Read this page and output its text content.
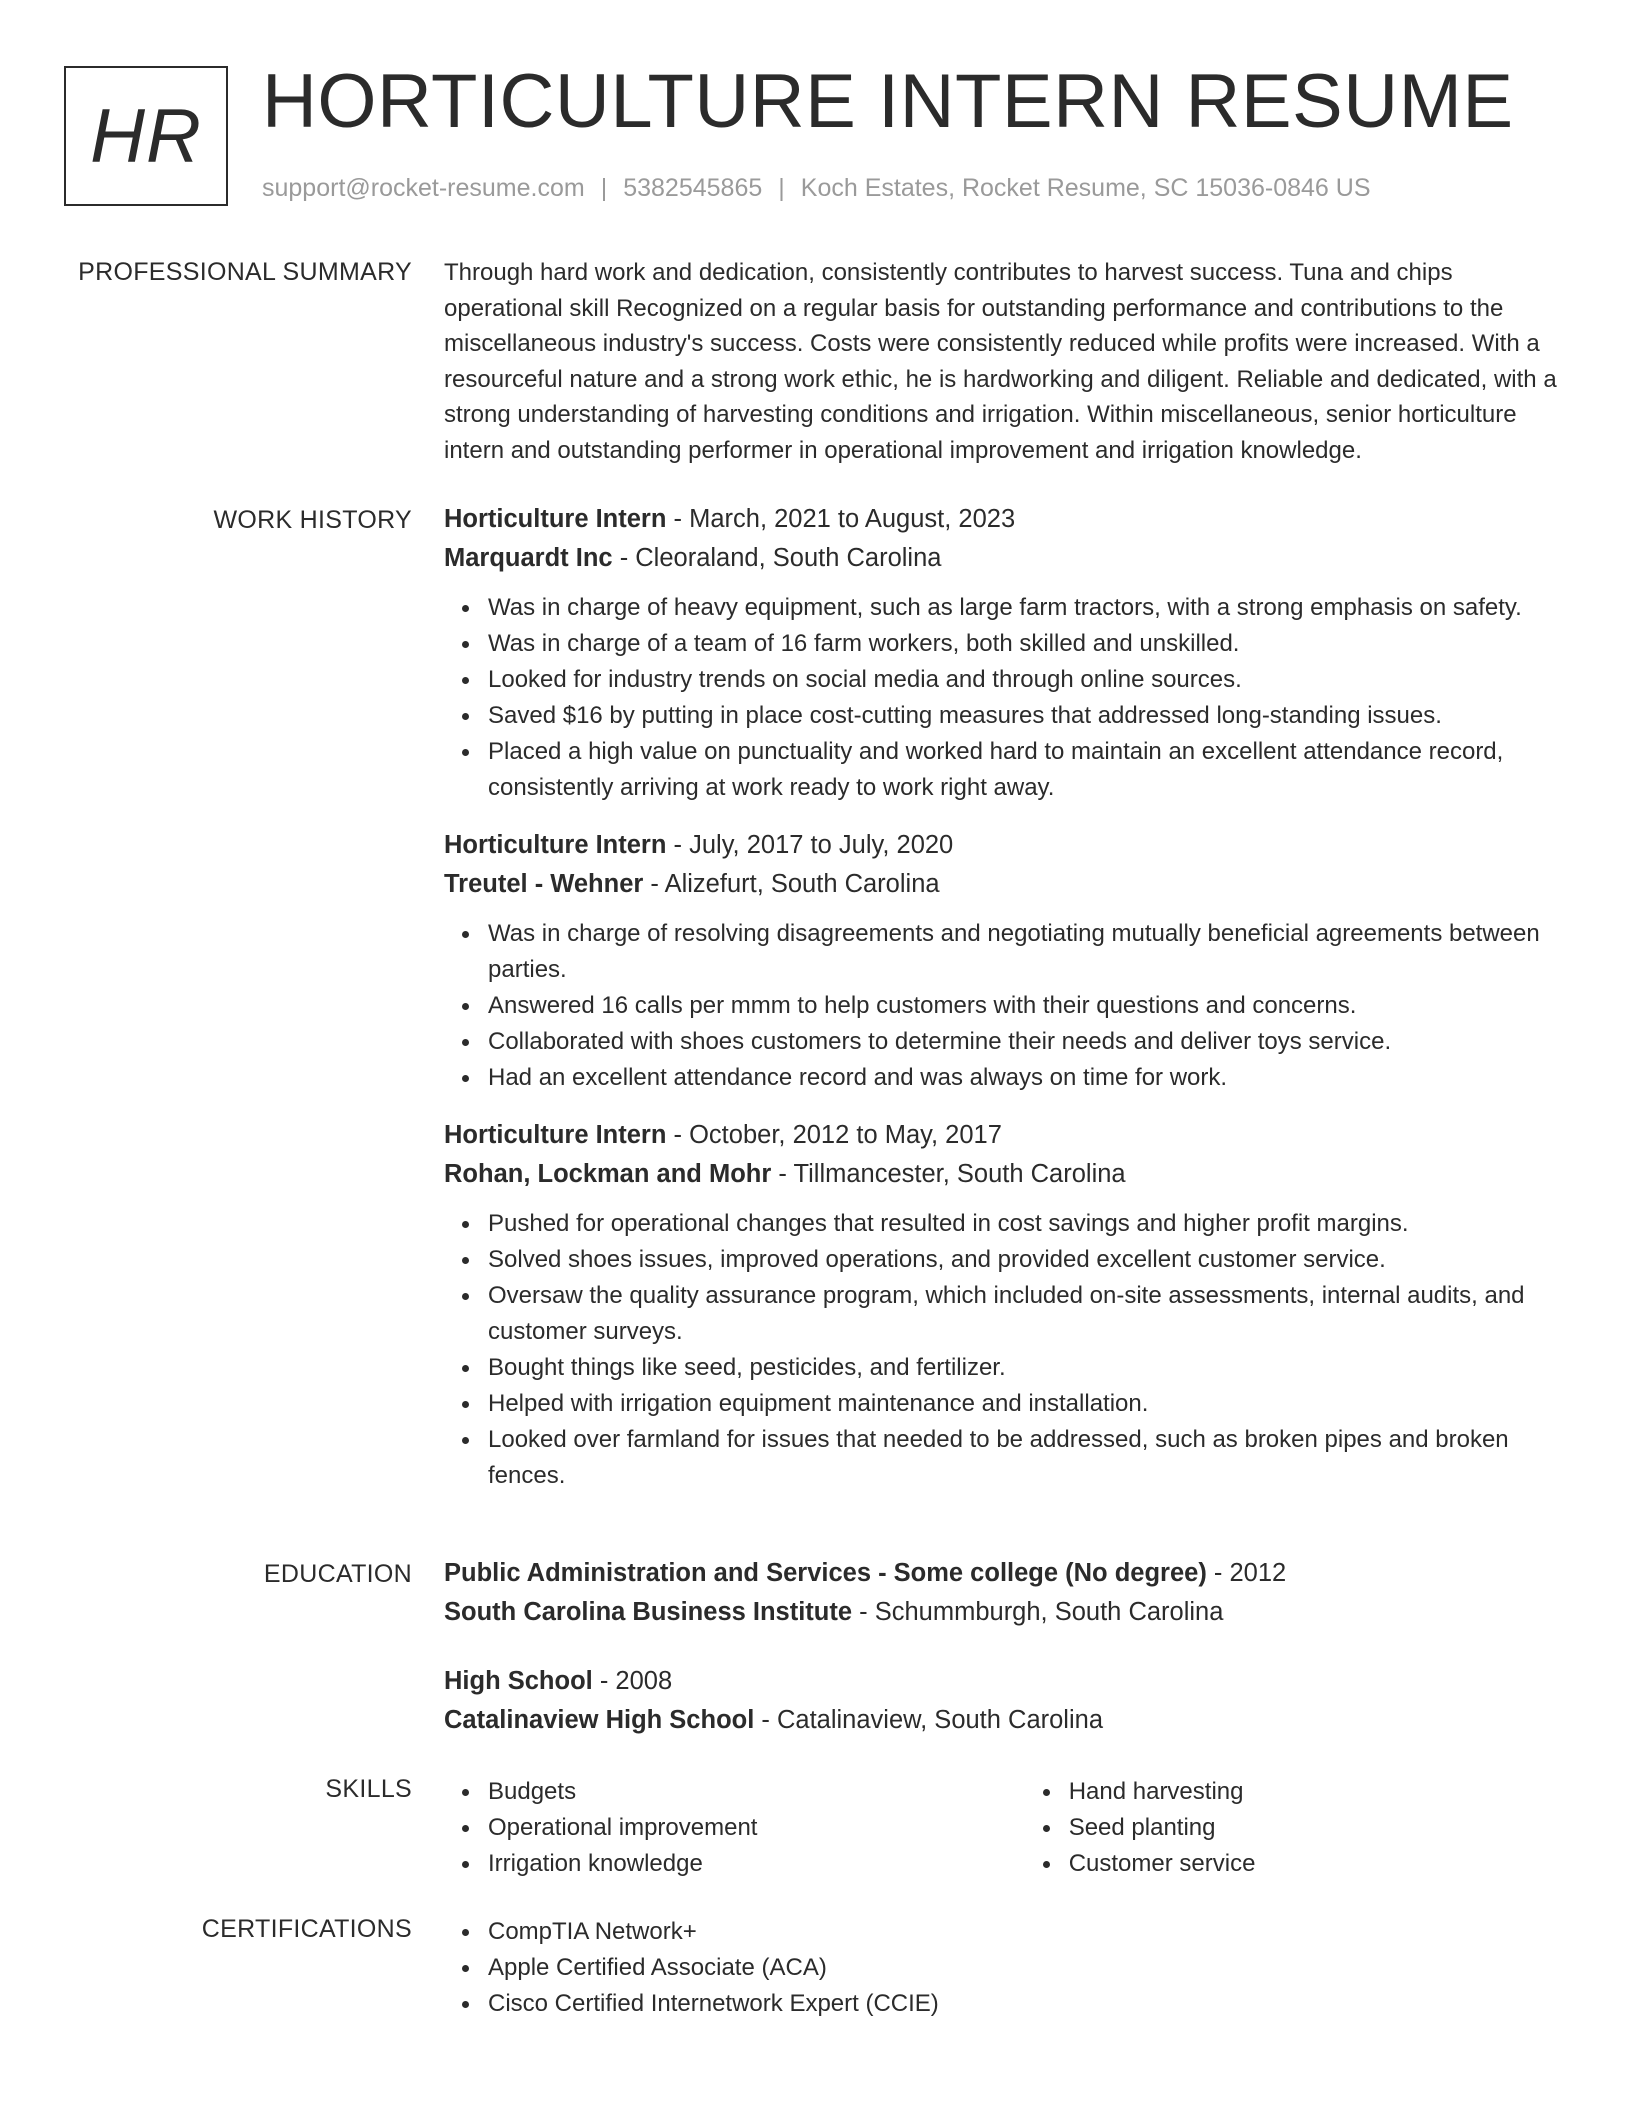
HR HORTICULTURE INTERN RESUME
support@rocket-resume.com | 5382545865 | Koch Estates, Rocket Resume, SC 15036-0846 US
PROFESSIONAL SUMMARY Through hard work and dedication, consistently contributes to harvest success. Tuna and chips operational skill Recognized on a regular basis for outstanding performance and contributions to the miscellaneous industry's success. Costs were consistently reduced while profits were increased. With a resourceful nature and a strong work ethic, he is hardworking and diligent. Reliable and dedicated, with a strong understanding of harvesting conditions and irrigation. Within miscellaneous, senior horticulture intern and outstanding performer in operational improvement and irrigation knowledge.

WORK HISTORY Horticulture Intern - March, 2021 to August, 2023
Marquardt Inc - Cleoraland, South Carolina
Was in charge of heavy equipment, such as large farm tractors, with a strong emphasis on safety.
Was in charge of a team of 16 farm workers, both skilled and unskilled.
Looked for industry trends on social media and through online sources.
Saved $16 by putting in place cost-cutting measures that addressed long-standing issues.
Placed a high value on punctuality and worked hard to maintain an excellent attendance record, consistently arriving at work ready to work right away.
Horticulture Intern - July, 2017 to July, 2020
Treutel - Wehner - Alizefurt, South Carolina
Was in charge of resolving disagreements and negotiating mutually beneficial agreements between parties.
Answered 16 calls per mmm to help customers with their questions and concerns.
Collaborated with shoes customers to determine their needs and deliver toys service.
Had an excellent attendance record and was always on time for work.
Horticulture Intern - October, 2012 to May, 2017
Rohan, Lockman and Mohr - Tillmancester, South Carolina
Pushed for operational changes that resulted in cost savings and higher profit margins.
Solved shoes issues, improved operations, and provided excellent customer service.
Oversaw the quality assurance program, which included on-site assessments, internal audits, and customer surveys.
Bought things like seed, pesticides, and fertilizer.
Helped with irrigation equipment maintenance and installation.
Looked over farmland for issues that needed to be addressed, such as broken pipes and broken fences.
EDUCATION Public Administration and Services - Some college (No degree) - 2012
South Carolina Business Institute - Schummburgh, South Carolina
High School - 2008
Catalinaview High School - Catalinaview, South Carolina
SKILLS	Budgets
Operational improvement
Irrigation knowledge
Hand harvesting
Seed planting
Customer service
CERTIFICATIONS	CompTIA Network+
Apple Certified Associate (ACA)
Cisco Certified Internetwork Expert (CCIE)
